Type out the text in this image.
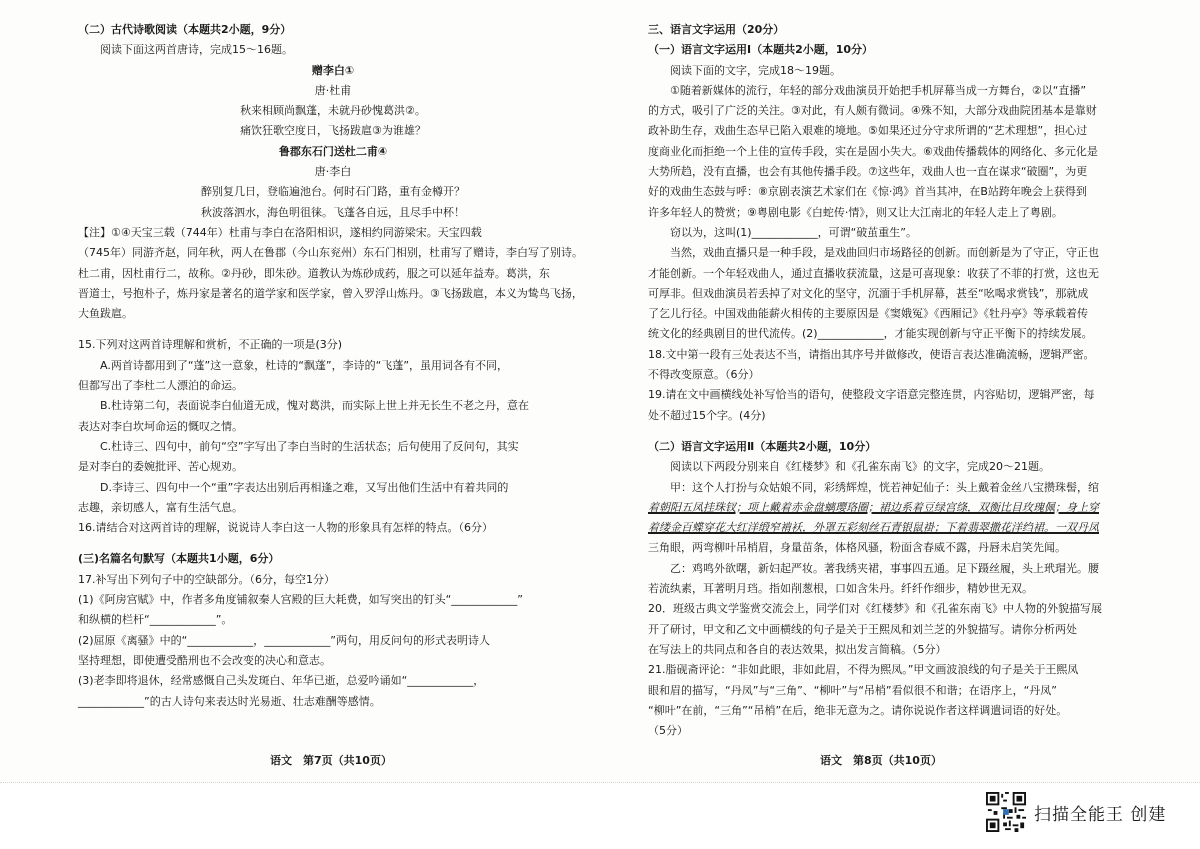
（二）古代诗歌阅读（本题共2小题，9分）

阅读下面这两首唐诗，完成15～16题。

赠李白①

唐·杜甫

秋来相顾尚飘蓬，未就丹砂愧葛洪②。

痛饮狂歌空度日，飞扬跋扈③为谁雄？

鲁郡东石门送杜二甫④

唐·李白

醉别复几日，登临遍池台。何时石门路，重有金樽开？

秋波落泗水，海色明徂徕。飞蓬各自远，且尽手中杯！

【注】①④天宝三载（744年）杜甫与李白在洛阳相识，遂相约同游梁宋。天宝四载

（745年）同游齐赵，同年秋，两人在鲁郡（今山东兖州）东石门相别，杜甫写了赠诗，李白写了别诗。

杜二甫，因杜甫行二，故称。②丹砂，即朱砂。道教认为炼砂成药，服之可以延年益寿。葛洪，东

晋道士，号抱朴子，炼丹家是著名的道学家和医学家，曾入罗浮山炼丹。③飞扬跋扈，本义为鸷鸟飞扬，

大鱼跋扈。

15.下列对这两首诗理解和赏析，不正确的一项是(3分)

A.两首诗都用到了“蓬”这一意象，杜诗的“飘蓬”，李诗的“飞蓬”，虽用词各有不同，

但都写出了李杜二人漂泊的命运。

B.杜诗第二句，表面说李白仙道无成，愧对葛洪，而实际上世上并无长生不老之丹，意在

表达对李白坎坷命运的慨叹之情。

C.杜诗三、四句中，前句“空”字写出了李白当时的生活状态；后句使用了反问句，其实

是对李白的委婉批评、苦心规劝。

D.李诗三、四句中一个“重”字表达出别后再相逢之难，又写出他们生活中有着共同的

志趣，亲切感人，富有生活气息。

16.请结合对这两首诗的理解，说说诗人李白这一人物的形象具有怎样的特点。（6分）

(三)名篇名句默写（本题共1小题，6分）

17.补写出下列句子中的空缺部分。（6分，每空1分）

(1)《阿房宫赋》中，作者多角度铺叙秦人宫殿的巨大耗费，如写突出的钉头“____________”

和纵横的栏杆“____________”。

(2)屈原《离骚》中的“____________，____________”两句，用反问句的形式表明诗人

坚持理想，即使遭受酷刑也不会改变的决心和意志。

(3)老李即将退休，经常感慨自己头发斑白、年华已逝，总爱吟诵如“____________，

____________”的古人诗句来表达时光易逝、壮志难酬等感情。

语文　第7页（共10页）

三、语言文字运用（20分）

（一）语言文字运用Ⅰ（本题共2小题，10分）

阅读下面的文字，完成18～19题。

①随着新媒体的流行，年轻的部分戏曲演员开始把手机屏幕当成一方舞台，②以“直播”

的方式，吸引了广泛的关注。③对此，有人颇有微词。④殊不知，大部分戏曲院团基本是靠财

政补助生存，戏曲生态早已陷入艰难的境地。⑤如果还过分守求所谓的“艺术理想”，担心过

度商业化而拒绝一个上佳的宣传手段，实在是固小失大。⑥戏曲传播载体的网络化、多元化是

大势所趋，没有直播，也会有其他传播手段。⑦这些年，戏曲人也一直在谋求“破圈”，为更

好的戏曲生态鼓与呼：⑧京剧表演艺术家们在《惊·鸿》首当其冲，在B站跨年晚会上获得到

许多年轻人的赞赏；⑨粤剧电影《白蛇传·情》，则又让大江南北的年轻人走上了粤剧。

窃以为，这叫(1)____________，可谓“破茧重生”。

当然，戏曲直播只是一种手段，是戏曲回归市场路径的创新。而创新是为了守正，守正也

才能创新。一个年轻戏曲人，通过直播收获流量，这是可喜现象：收获了不菲的打赏，这也无

可厚非。但戏曲演员若丢掉了对文化的坚守，沉湎于手机屏幕，甚至“吆喝求赏钱”，那就成

了乞儿行径。中国戏曲能薪火相传的主要原因是《窦娥冤》《西厢记》《牡丹亭》等承载着传

统文化的经典剧目的世代流传。(2)____________，才能实现创新与守正平衡下的持续发展。

18.文中第一段有三处表达不当，请指出其序号并做修改，使语言表达准确流畅，逻辑严密。

不得改变原意。（6分）

19.请在文中画横线处补写恰当的语句，使整段文字语意完整连贯，内容贴切，逻辑严密，每

处不超过15个字。(4分)

（二）语言文字运用Ⅱ（本题共2小题，10分）

阅读以下两段分别来自《红楼梦》和《孔雀东南飞》的文字，完成20～21题。

甲：这个人打扮与众姑娘不同，彩绣辉煌，恍若神妃仙子：头上戴着金丝八宝攒珠髻，绾

着朝阳五凤挂珠钗；项上戴着赤金盘螭璎珞圈；裙边系着豆绿宫绦，双衡比目玫瑰佩；身上穿

着缕金百蝶穿花大红洋缎窄褃袄，外罩五彩刻丝石青银鼠褂；下着翡翠撒花洋绉裙。一双丹凤

三角眼，两弯柳叶吊梢眉，身量苗条，体格风骚，粉面含春威不露，丹唇未启笑先闻。

乙：鸡鸣外欲曙，新妇起严妆。著我绣夹裙，事事四五通。足下蹑丝履，头上玳瑁光。腰

若流纨素，耳著明月珰。指如削葱根，口如含朱丹。纤纤作细步，精妙世无双。

20．班级古典文学鉴赏交流会上，同学们对《红楼梦》和《孔雀东南飞》中人物的外貌描写展

开了研讨，甲文和乙文中画横线的句子是关于王熙凤和刘兰芝的外貌描写。请你分析两处

在写法上的共同点和各自的表达效果，拟出发言简稿。（5分）

21.脂砚斋评论：“非如此眼，非如此眉，不得为熙凤。”甲文画波浪线的句子是关于王熙凤

眼和眉的描写，“丹凤”与“三角”、“柳叶”与“吊梢”看似很不和谐；在语序上，“丹凤”

“柳叶”在前，“三角”“吊梢”在后，绝非无意为之。请你说说作者这样调遣词语的好处。

（5分）

语文　第8页（共10页）
扫描全能王 创建
